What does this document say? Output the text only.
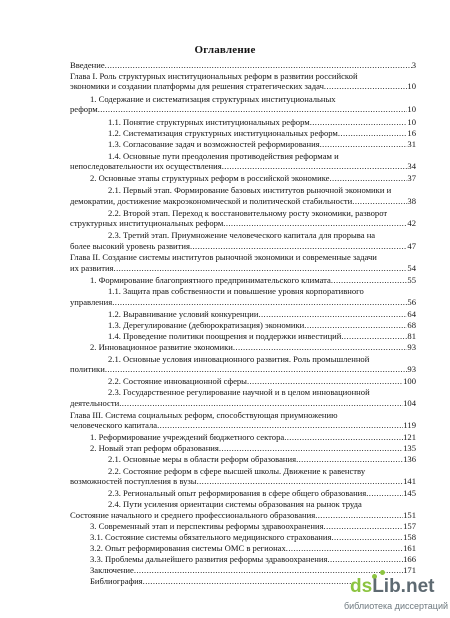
Оглавление
Введение .....	3
Глава I. Роль структурных институциональных реформ в развитии российской
экономики и создании платформы для решения стратегических задач .....	10
1. Содержание и систематизация структурных институциональных
реформ .....	10
1.1. Понятие структурных институциональных реформ .....	10
1.2. Систематизация структурных институциональных реформ .....	16
1.3. Согласование задач и возможностей реформирования .....	31
1.4. Основные пути преодоления противодействия реформам и
непоследовательности их осуществления .....	34
2. Основные этапы структурных реформ в российской экономике .....	37
2.1. Первый этап. Формирование базовых институтов рыночной экономики и
демократии, достижение макроэкономической и политической стабильности .....	38
2.2. Второй этап. Переход к восстановительному росту экономики, разворот
структурных институциональных реформ .....	42
2.3. Третий этап. Приумножение человеческого капитала для прорыва на
более высокий уровень развития .....	47
Глава II. Создание системы институтов рыночной экономики и современные задачи
их развития .....	54
1. Формирование благоприятного предпринимательского климата .....	55
1.1. Защита прав собственности и повышение уровня корпоративного
управления .....	56
1.2. Выравнивание условий конкуренции .....	64
1.3. Дерегулирование (дебюрократизация) экономики .....	68
1.4. Проведение политики поощрения и поддержки инвестиций .....	81
2. Инновационное развитие экономики .....	93
2.1. Основные условия инновационного развития. Роль промышленной
политики .....	93
2.2. Состояние инновационной сферы .....	100
2.3. Государственное регулирование научной и в целом инновационной
деятельности .....	104
Глава III. Система социальных реформ, способствующая приумножению
человеческого капитала .....	119
1. Реформирование учреждений бюджетного сектора .....	121
2. Новый этап реформ образования .....	135
2.1. Основные меры в области реформ образования .....	136
2.2. Состояние реформ в сфере высшей школы. Движение к равенству
возможностей поступления в вузы .....	141
2.3. Региональный опыт реформирования в сфере общего образования .....	145
2.4. Пути усиления ориентации системы образования на рынок труда
Состояние начального и среднего профессионального образования .....	151
3. Современный этап и перспективы реформы здравоохранения .....	157
3.1. Состояние системы обязательного медицинского страхования .....	158
3.2. Опыт реформирования системы ОМС в регионах .....	161
3.3. Проблемы дальнейшего развития реформы здравоохранения .....	166
Заключение .....	171
Библиография .....	ds Lib.net
библиотека диссертаций
